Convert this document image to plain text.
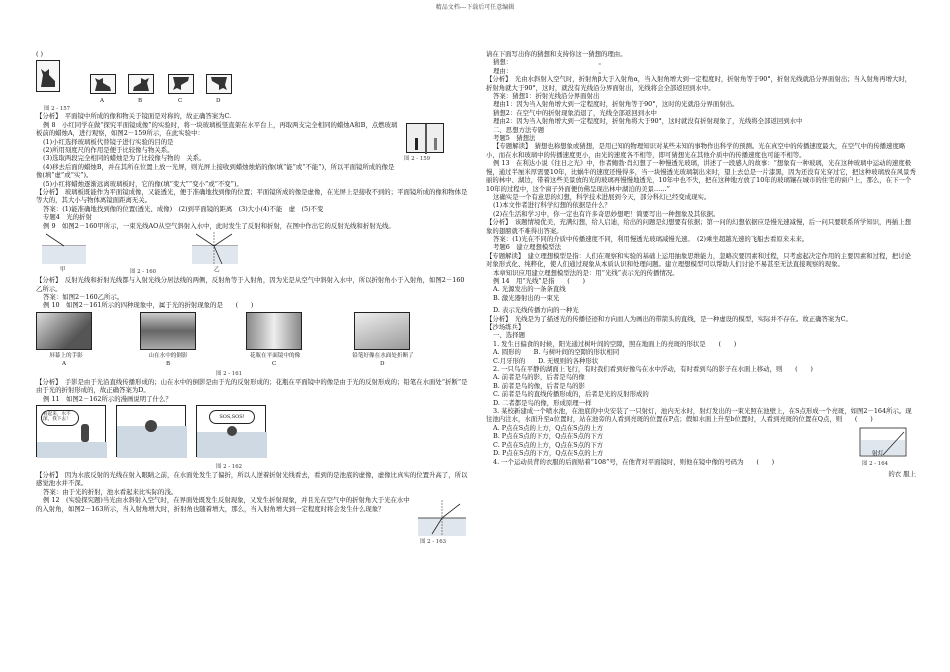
精品文档---下载后可任意编辑

( )

A	B	C	D
图 2 - 157

【分析】　平面镜中所成的像和物关于镜面是对称的，故正确答案为C.

图 2 - 159

例 8　小红同学在做“探究平面镜成像”的实验时，将一块玻璃板竖直架在水平台上，再取两支完全相同的蜡烛A和B，点燃玻璃板前的蜡烛A，进行观察，如图2－159所示，在此实验中：

(1)小红选择玻璃板代替镜子进行实验的目的是

(2)所用刻度尺的作用是便于比较像与物关系。

(3)选取两段完全相同的蜡烛是为了比较像与物的　关系。

(4)移去后面的蜡烛B，并在其所在位置上放一光屏，则光屏上接收到蜡烛烛焰的像(填“能”或“不能”)，所以平面镜所成的像是像(填“虚”或“实”)。

(5)小红将蜡烛逐渐远离玻璃板时，它的像(填“变大”“变小”或“不变”)。

【分析】　玻璃板既能作为平面镜成像，又能透光，便于准确地找到像的位置；平面镜所成的像是虚像，在光屏上是接收不到的；平面镜所成的像和物体是等大的，其大小与物体离镜面距离无关。

答案：(1)能准确地找到像的位置(透光、成像)　(2)到平面镜的距离　(3)大小(4)不能　虚　(5)不变

专题4　光的折射

例 9　如图2－160甲所示，一束光线AO从空气斜射入水中，此时发生了反射和折射，在图中作出它的反射光线和折射光线。

甲	乙
图 2 - 160

【分析】　反射光线和折射光线都与入射光线分居法线的两侧，反射角等于入射角，因为光是从空气中斜射入水中，所以折射角小于入射角，如图2－160乙所示。

答案：如图2－160乙所示。

例 10　如图2－161所示的四种现象中，属于光的折射现象的是　　(　　)

屏幕上的手影	山在水中的倒影	花瓶在平面镜中的像	铅笔好像在水面处折断了
A	B	C	D
图 2 - 161

【分析】　手影是由于光沿直线传播形成的；山在水中的倒影是由于光的反射形成的；花瓶在平面镜中的像是由于光的反射形成的；铅笔在水面处“折断”是由于光的折射形成的，故正确答案为D。

例 11　如图2－162所示的漫画说明了什么？

看起来，水不深，我下去！	SOS,SOS!
图 2 - 162

【分析】　因为水底反射的光线在射入眼睛之前，在水面处发生了偏折，所以人逆着折射光线看去，看到的是池底的虚像，虚像比真实的位置升高了，所以感觉池水并不深。

答案：由于光的折射，池水看起来比实际的浅。

图 2 - 163

例 12　(实验探究题)当光由水斜射入空气时，在界面处既发生反射现象，又发生折射现象，并且光在空气中的折射角大于光在水中的入射角，如图2－163所示，当入射角增大时，折射角也随着增大，那么，当入射角增大到一定程度时将会发生什么现象？

请在下面写出你的猜想和支持你这一猜想的理由。

猜想：　　　　　　　　　　　　　　。

理由：　　　　　　　　　　　　　　。

【分析】　光由水斜射入空气时，折射角β大于入射角α，当入射角增大到一定程度时，折射角等于90°，折射光线就沿分界面射出；当入射角再增大时，折射角就大于90°，这时，就没有光线沿分界面射出，光线将会全部返回到水中。

答案：猜想1：折射光线沿分界面射出

理由1：因为当入射角增大到一定程度时，折射角等于90°，这时的光就沿分界面射出。

猜想2：在空气中的折射现象消退了，光线全部返回到水中

理由2：因为当入射角增大到一定程度时，折射角将大于90°，这时就没有折射现象了，光线将全部返回到水中

二、思想方法专题

考题5　猜想法

【专题解读】　猜想也称想象或猜想，是用已知的物理知识对某些未知的事物作出科学的预测。光在真空中的传播速度最大，在空气中的传播速度略小，而在水和玻璃中的传播速度更小，由光的速度各不相等，即可猜想光在其他介质中的传播速度也可能不相等。

例 13　在利达小说《往日之光》中，作者鲍勃·肖幻想了一种慢透光玻璃，讲述了一段感人的故事：“想象有一种玻璃，光在这种玻璃中运动的速度极慢，通过半厘米厚需要10年，比蜗牛的速度还慢得多，当一块慢透光玻璃制出来时，望上去总是一片漆黑，因为还没有光穿过它，把这种玻璃放在风景秀丽的林中、湖边，带着这些美景放的光的玻璃再慢慢地透光，10年中也不失，把在这种地方放了10年的玻璃镶在城市的住宅的窗户上，那么，在下一个10年的过程中，这个窗子外面便仿佛呈现出林中湖泊的美景……”

这确实是一个有意思的幻想，科学技术进展到今天，部分科幻已经变成现实。

(1)本文作者进行科学幻想的依据是什么？

(2)在生活和学习中，你一定也有许多奇思妙想吧！简要写出一种想象及其依据。

【分析】　该题情境优美，充满幻想，给人启迪，给出的问题是幻想要有依据；第一问的幻想依据应是慢光速减慢，后一问只要联系所学知识，再插上想象的翅膀就不难得出答案。

答案：(1)光在不同的介质中传播速度不同，利用慢透光玻璃减慢光速。　(2)乘坐超越光速的飞船去看原来未来。

考题6　建立理想模型法

【专题解读】　建立理想模型是指：人们在观察和实验的基础上运用抽象思维能力，忽略次要因素和过程，只考虑起决定作用的主要因素和过程，把讨论对象形式化、纯粹化，使人们通过现象从本质认识和处理问题。建立理想模型可以帮助人们讨论不易甚至无法直接观察的现象。

本章知识应用建立理想模型法的是：用“光线”表示光的传播情况。

例 14　用“光线”是指　　(　　)

A. 光源发出的一条条直线

B. 激光器射出的一束光

D. 表示光线传播方向的一种光

【分析】　光线是为了描述光的传播径迹和方向而人为画出的带箭头的直线，是一种虚设的模型，实际并不存在。故正确答案为C。

【沙场练兵】

一、选择题

1. 发生日偏食的时候，阳光通过树叶间的空隙，照在地面上的亮斑的形状是　　(　　)

A. 圆形的　　B. 与树叶间的空隙的形状相同

C.月牙形的　　D. 无规则的各种形状

2. 一只鸟在平静的湖面上飞行，有时我们看到好像鸟在水中浮动，有时看到鸟的影子在水面上移动，则　　(　　)

A. 前者是鸟的影，后者是鸟的像

B. 前者是鸟的像，后者是鸟的影

C. 前者是鸟的直线传播形成的，后者是光的反射形成的

D. 二者都是鸟的像，形成原理一样

3. 某校新建成一个喷水池，在池底的中央安装了一只射灯，池内无水时，射灯发出的一束光照在池壁上，在S点形成一个亮斑，如图2－164所示。现往池内注水，水面升至a位置时，站在池旁的人看到亮斑的位置在P点；假如水面上升至b位置时，人看到亮斑的位置在Q点，则　　(　　)

射灯
图 2 - 164

A. P点在S点的上方，Q点在S点的上方

B. P点在S点的下方，Q点在S点的下方

C. P点在S点的上方，Q点在S点的下方

D. P点在S点的下方，Q点在S点的上方

4. 一个运动员背的衣服的后面贴着“108”号，在他背对平面镜时，则他在镜中像的号码为　　(　　)

的衣 服上
